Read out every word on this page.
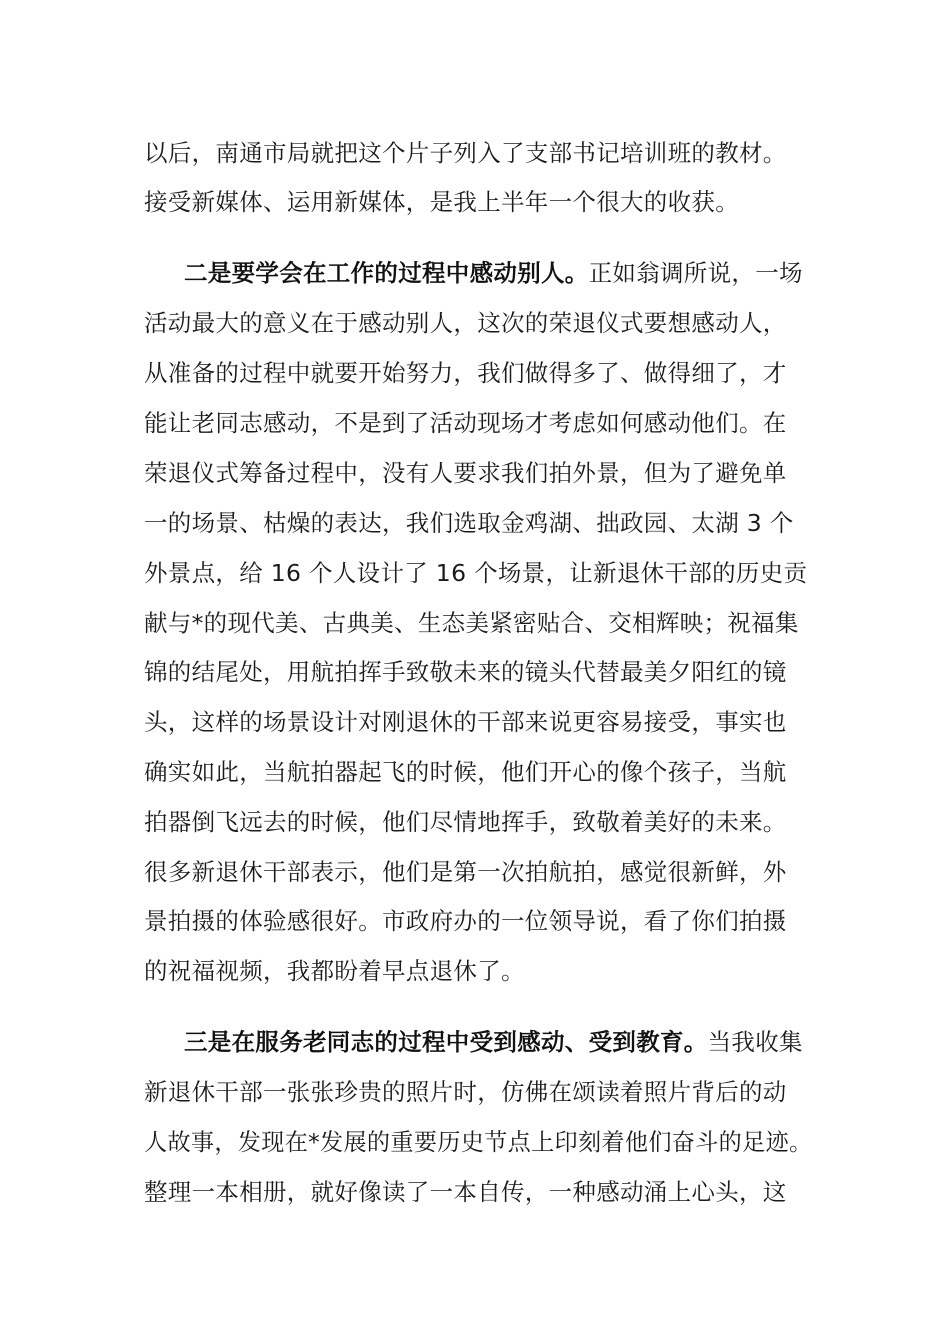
以后，南通市局就把这个片子列入了支部书记培训班的教材。
接受新媒体、运用新媒体，是我上半年一个很大的收获。
二是要学会在工作的过程中感动别人。正如翁调所说，一场
活动最大的意义在于感动别人，这次的荣退仪式要想感动人，
从准备的过程中就要开始努力，我们做得多了、做得细了，才
能让老同志感动，不是到了活动现场才考虑如何感动他们。在
荣退仪式筹备过程中，没有人要求我们拍外景，但为了避免单
一的场景、枯燥的表达，我们选取金鸡湖、拙政园、太湖 3 个
外景点，给 16 个人设计了 16 个场景，让新退休干部的历史贡
献与*的现代美、古典美、生态美紧密贴合、交相辉映；祝福集
锦的结尾处，用航拍挥手致敬未来的镜头代替最美夕阳红的镜
头，这样的场景设计对刚退休的干部来说更容易接受，事实也
确实如此，当航拍器起飞的时候，他们开心的像个孩子，当航
拍器倒飞远去的时候，他们尽情地挥手，致敬着美好的未来。
很多新退休干部表示，他们是第一次拍航拍，感觉很新鲜，外
景拍摄的体验感很好。市政府办的一位领导说，看了你们拍摄
的祝福视频，我都盼着早点退休了。
三是在服务老同志的过程中受到感动、受到教育。当我收集
新退休干部一张张珍贵的照片时，仿佛在颂读着照片背后的动
人故事，发现在*发展的重要历史节点上印刻着他们奋斗的足迹。
整理一本相册，就好像读了一本自传，一种感动涌上心头，这
